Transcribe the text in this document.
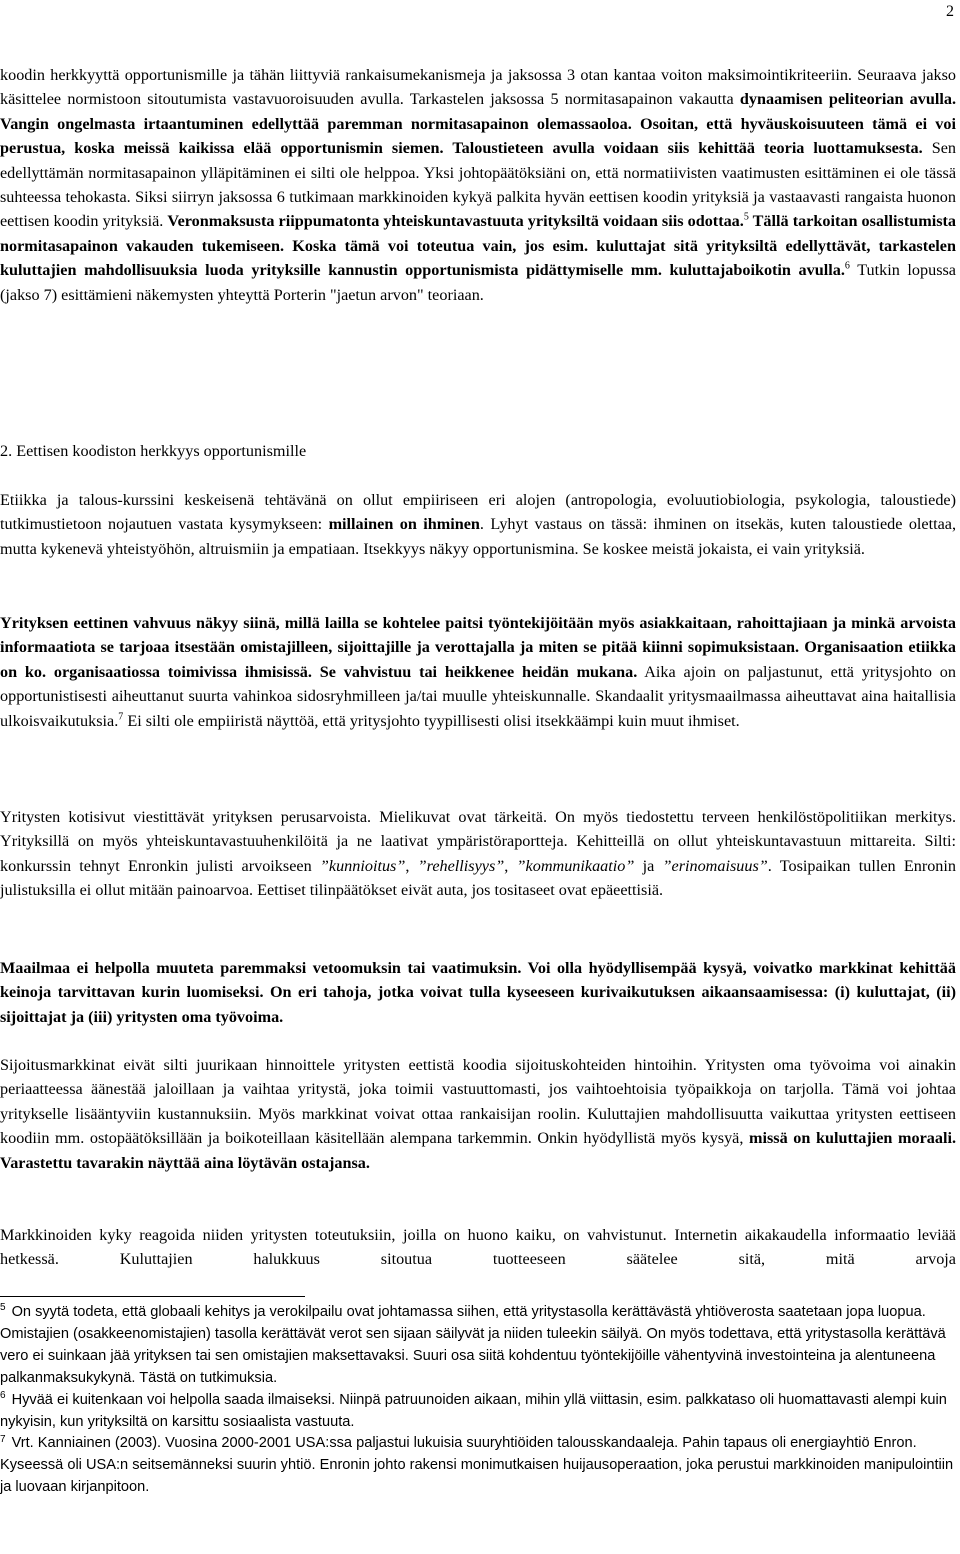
2

koodin herkkyyttä opportunismille ja tähän liittyviä rankaisumekanismeja ja jaksossa 3 otan kantaa voiton maksimointikriteeriin. Seuraava jakso käsittelee normistoon sitoutumista vastavuoroisuuden avulla. Tarkastelen jaksossa 5 normitasapainon vakautta dynaamisen peliteorian avulla. Vangin ongelmasta irtaantuminen edellyttää paremman normitasapainon olemassaoloa. Osoitan, että hyväuskoisuuteen tämä ei voi perustua, koska meissä kaikissa elää opportunismin siemen. Taloustieteen avulla voidaan siis kehittää teoria luottamuksesta. Sen edellyttämän normitasapainon ylläpitäminen ei silti ole helppoa. Yksi johtopäätöksiäni on, että normatiivisten vaatimusten esittäminen ei ole tässä suhteessa tehokasta. Siksi siirryn jaksossa 6 tutkimaan markkinoiden kykyä palkita hyvän eettisen koodin yrityksiä ja vastaavasti rangaista huonon eettisen koodin yrityksiä. Veronmaksusta riippumatonta yhteiskuntavastuuta yrityksiltä voidaan siis odottaa.$^5$ Tällä tarkoitan osallistumista normitasapainon vakauden tukemiseen. Koska tämä voi toteutua vain, jos esim. kuluttajat sitä yrityksiltä edellyttävät, tarkastelen kuluttajien mahdollisuuksia luoda yrityksille kannustin opportunismista pidättymiselle mm. kuluttajaboikotin avulla.$^6$ Tutkin lopussa (jakso 7) esittämieni näkemysten yhteyttä Porterin "jaetun arvon" teoriaan.

2. Eettisen koodiston herkkyys opportunismille

Etiikka ja talous-kurssini keskeisenä tehtävänä on ollut empiiriseen eri alojen (antropologia, evoluutiobiologia, psykologia, taloustiede) tutkimustietoon nojautuen vastata kysymykseen: millainen on ihminen. Lyhyt vastaus on tässä: ihminen on itsekäs, kuten taloustiede olettaa, mutta kykenevä yhteistyöhön, altruismiin ja empatiaan. Itsekkyys näkyy opportunismina. Se koskee meistä jokaista, ei vain yrityksiä.

Yrityksen eettinen vahvuus näkyy siinä, millä lailla se kohtelee paitsi työntekijöitään myös asiakkaitaan, rahoittajiaan ja minkä arvoista informaatiota se tarjoaa itsestään omistajilleen, sijoittajille ja verottajalla ja miten se pitää kiinni sopimuksistaan. Organisaation etiikka on ko. organisaatiossa toimivissa ihmisissä. Se vahvistuu tai heikkenee heidän mukana. Aika ajoin on paljastunut, että yritysjohto on opportunistisesti aiheuttanut suurta vahinkoa sidosryhmilleen ja/tai muulle yhteiskunnalle. Skandaalit yritysmaailmassa aiheuttavat aina haitallisia ulkoisvaikutuksia.$^7$ Ei silti ole empiiristä näyttöä, että yritysjohto tyypillisesti olisi itsekkäämpi kuin muut ihmiset.

Yritysten kotisivut viestittävät yrityksen perusarvoista. Mielikuvat ovat tärkeitä. On myös tiedostettu terveen henkilöstöpolitiikan merkitys. Yrityksillä on myös yhteiskuntavastuuhenkilöitä ja ne laativat ympäristöraportteja. Kehitteillä on ollut yhteiskuntavastuun mittareita. Silti: konkurssin tehnyt Enronkin julisti arvoikseen ”kunnioitus”, ”rehellisyys”, ”kommunikaatio” ja ”erinomaisuus”. Tosipaikan tullen Enronin julistuksilla ei ollut mitään painoarvoa. Eettiset tilinpäätökset eivät auta, jos tositaseet ovat epäeettisiä.

Maailmaa ei helpolla muuteta paremmaksi vetoomuksin tai vaatimuksin. Voi olla hyödyllisempää kysyä, voivatko markkinat kehittää keinoja tarvittavan kurin luomiseksi. On eri tahoja, jotka voivat tulla kyseeseen kurivaikutuksen aikaansaamisessa: (i) kuluttajat, (ii) sijoittajat ja (iii) yritysten oma työvoima.

Sijoitusmarkkinat eivät silti juurikaan hinnoittele yritysten eettistä koodia sijoituskohteiden hintoihin. Yritysten oma työvoima voi ainakin periaatteessa äänestää jaloillaan ja vaihtaa yritystä, joka toimii vastuuttomasti, jos vaihtoehtoisia työpaikkoja on tarjolla. Tämä voi johtaa yritykselle lisääntyviin kustannuksiin. Myös markkinat voivat ottaa rankaisijan roolin. Kuluttajien mahdollisuutta vaikuttaa yritysten eettiseen koodiin mm. ostopäätöksillään ja boikoteillaan käsitellään alempana tarkemmin. Onkin hyödyllistä myös kysyä, missä on kuluttajien moraali. Varastettu tavarakin näyttää aina löytävän ostajansa.

Markkinoiden kyky reagoida niiden yritysten toteutuksiin, joilla on huono kaiku, on vahvistunut. Internetin aikakaudella informaatio leviää hetkessä. Kuluttajien halukkuus sitoutua tuotteeseen säätelee sitä, mitä arvoja

$^5$ On syytä todeta, että globaali kehitys ja verokilpailu ovat johtamassa siihen, että yritystasolla kerättävästä yhtiöverosta saatetaan jopa luopua. Omistajien (osakkeenomistajien) tasolla kerättävät verot sen sijaan säilyvät ja niiden tuleekin säilyä. On myös todettava, että yritystasolla kerättävä vero ei suinkaan jää yrityksen tai sen omistajien maksettavaksi. Suuri osa siitä kohdentuu työntekijöille vähentyvinä investointeina ja alentuneena palkanmaksukykynä. Tästä on tutkimuksia.

$^6$ Hyvää ei kuitenkaan voi helpolla saada ilmaiseksi. Niinpä patruunoiden aikaan, mihin yllä viittasin, esim. palkkataso oli huomattavasti alempi kuin nykyisin, kun yrityksiltä on karsittu sosiaalista vastuuta.

$^7$ Vrt. Kanniainen (2003). Vuosina 2000-2001 USA:ssa paljastui lukuisia suuryhtiöiden talousskandaaleja. Pahin tapaus oli energiayhtiö Enron. Kyseessä oli USA:n seitsemänneksi suurin yhtiö. Enronin johto rakensi monimutkaisen huijausoperaation, joka perustui markkinoiden manipulointiin ja luovaan kirjanpitoon.
